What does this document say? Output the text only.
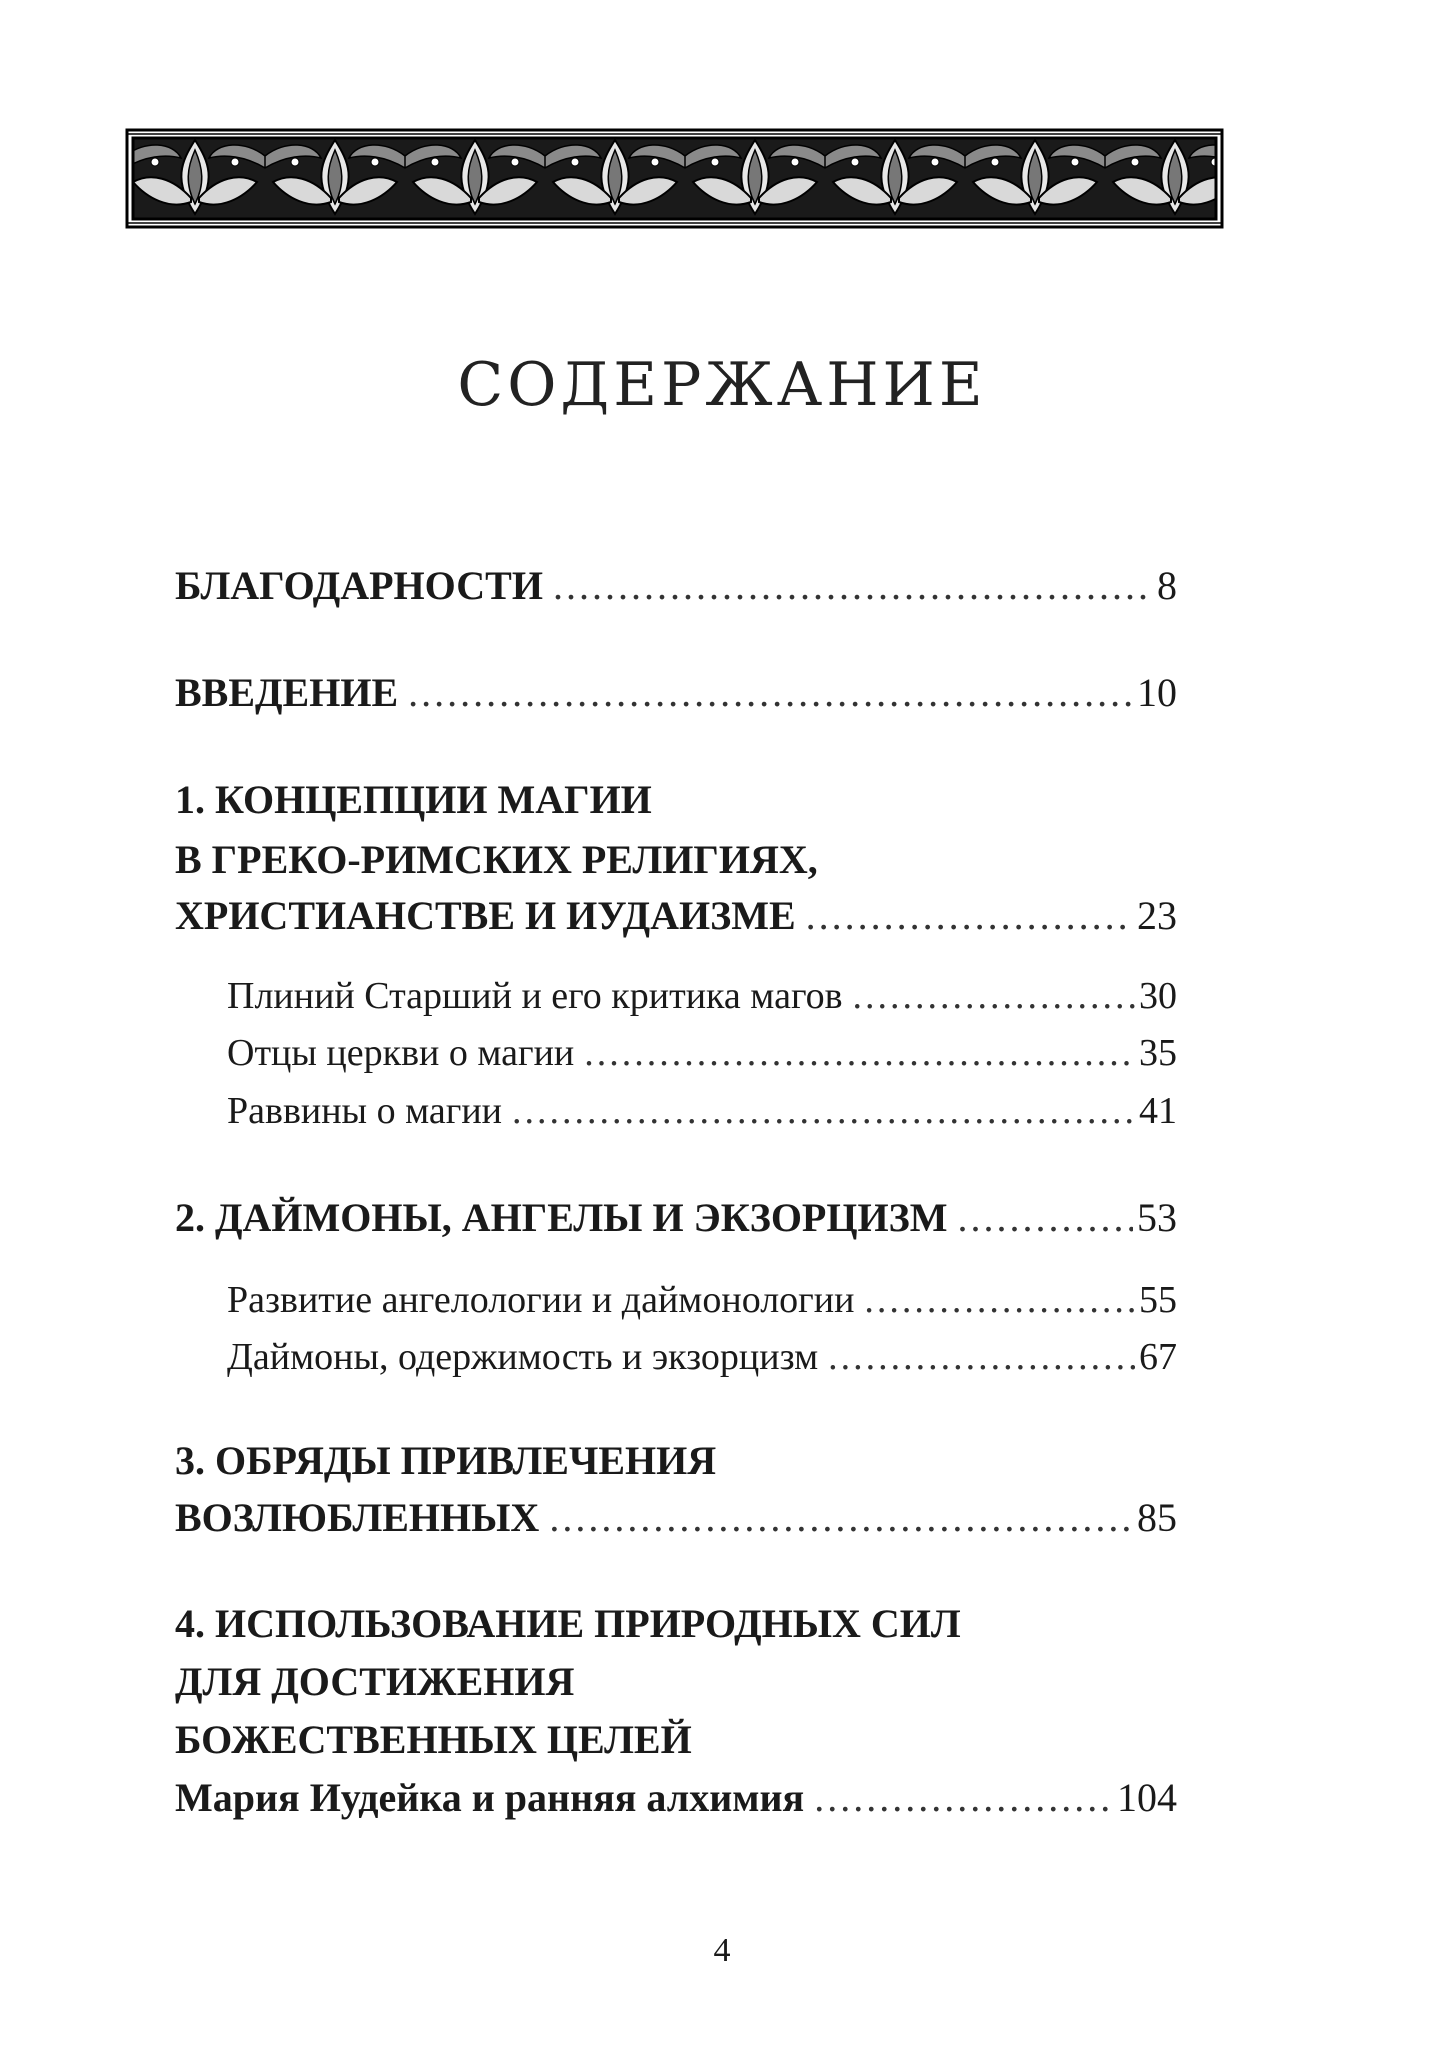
СОДЕРЖАНИЕ
БЛАГОДАРНОСТИ .....	8
ВВЕДЕНИЕ .....	10
1. КОНЦЕПЦИИ МАГИИ
В ГРЕКО-РИМСКИХ РЕЛИГИЯХ,
ХРИСТИАНСТВЕ И ИУДАИЗМЕ .....	23
Плиний Старший и его критика магов .....	30
Отцы церкви о магии .....	35
Раввины о магии .....	41
2. ДАЙМОНЫ, АНГЕЛЫ И ЭКЗОРЦИЗМ .....	53
Развитие ангелологии и даймонологии .....	55
Даймоны, одержимость и экзорцизм .....	67
3. ОБРЯДЫ ПРИВЛЕЧЕНИЯ
ВОЗЛЮБЛЕННЫХ .....	85
4. ИСПОЛЬЗОВАНИЕ ПРИРОДНЫХ СИЛ
ДЛЯ ДОСТИЖЕНИЯ
БОЖЕСТВЕННЫХ ЦЕЛЕЙ
Мария Иудейка и ранняя алхимия .....	104
4
